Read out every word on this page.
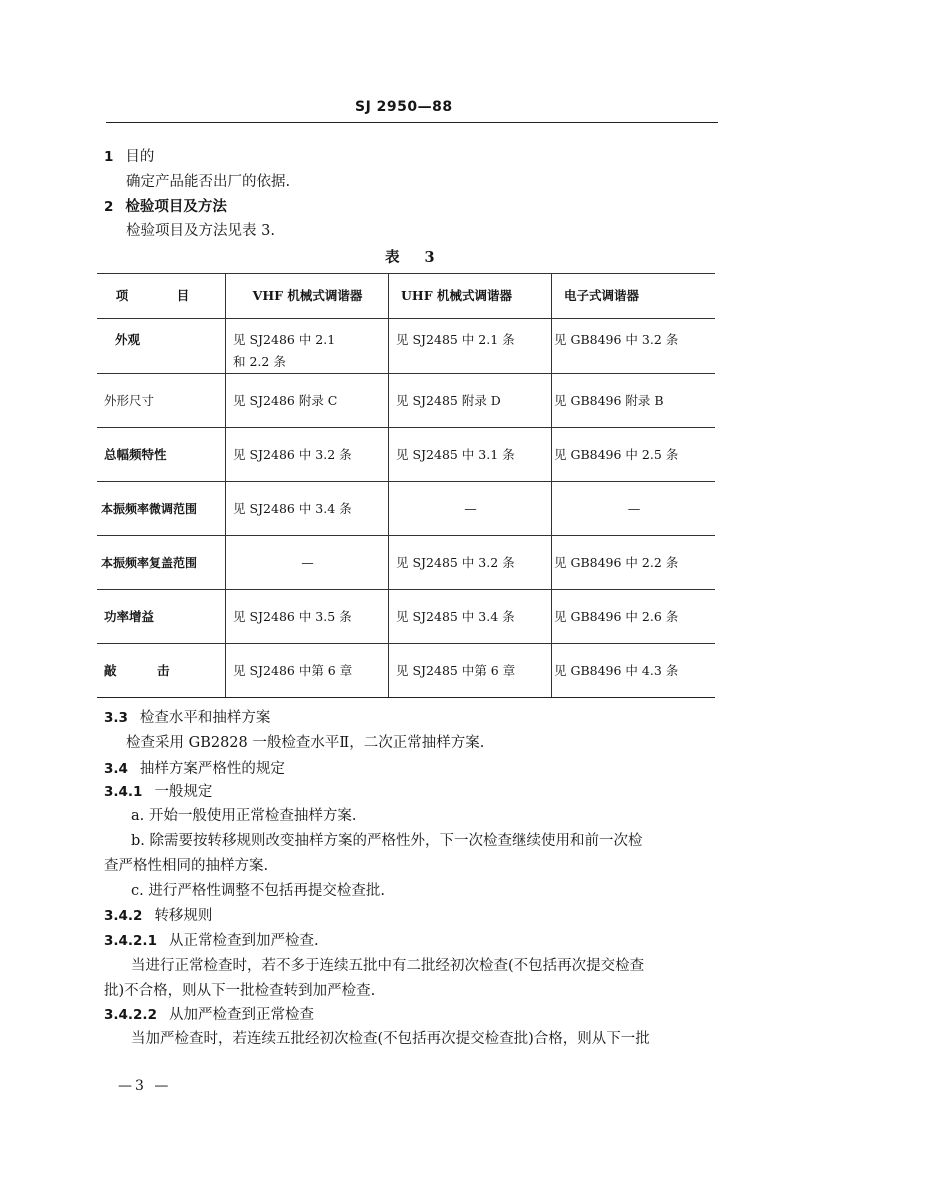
SJ 2950—88
1 目的
确定产品能否出厂的依据.
2 检验项目及方法
检验项目及方法见表 3.
表 3
项　目	VHF 机械式调谐器	UHF 机械式调谐器	电子式调谐器

外观	见 SJ2486 中 2.1 和 2.2 条	见 SJ2485 中 2.1 条	见 GB8496 中 3.2 条

外形尺寸	见 SJ2486 附录 C	见 SJ2485 附录 D	见 GB8496 附录 B

总幅频特性	见 SJ2486 中 3.2 条	见 SJ2485 中 3.1 条	见 GB8496 中 2.5 条

本振频率微调范围	见 SJ2486 中 3.4 条	—	—

本振频率复盖范围	—	见 SJ2485 中 3.2 条	见 GB8496 中 2.2 条

功率增益	见 SJ2486 中 3.5 条	见 SJ2485 中 3.4 条	见 GB8496 中 2.6 条

敲　击	见 SJ2486 中第 6 章	见 SJ2485 中第 6 章	见 GB8496 中 4.3 条
3.3 检查水平和抽样方案
检查采用 GB2828 一般检查水平Ⅱ，二次正常抽样方案.
3.4 抽样方案严格性的规定
3.4.1 一般规定
a. 开始一般使用正常检查抽样方案.
b. 除需要按转移规则改变抽样方案的严格性外，下一次检查继续使用和前一次检
查严格性相同的抽样方案.
c. 进行严格性调整不包括再提交检查批.
3.4.2 转移规则
3.4.2.1 从正常检查到加严检查.
当进行正常检查时，若不多于连续五批中有二批经初次检查(不包括再次提交检查
批)不合格，则从下一批检查转到加严检查.
3.4.2.2 从加严检查到正常检查
当加严检查时，若连续五批经初次检查(不包括再次提交检查批)合格，则从下一批
—3 —
